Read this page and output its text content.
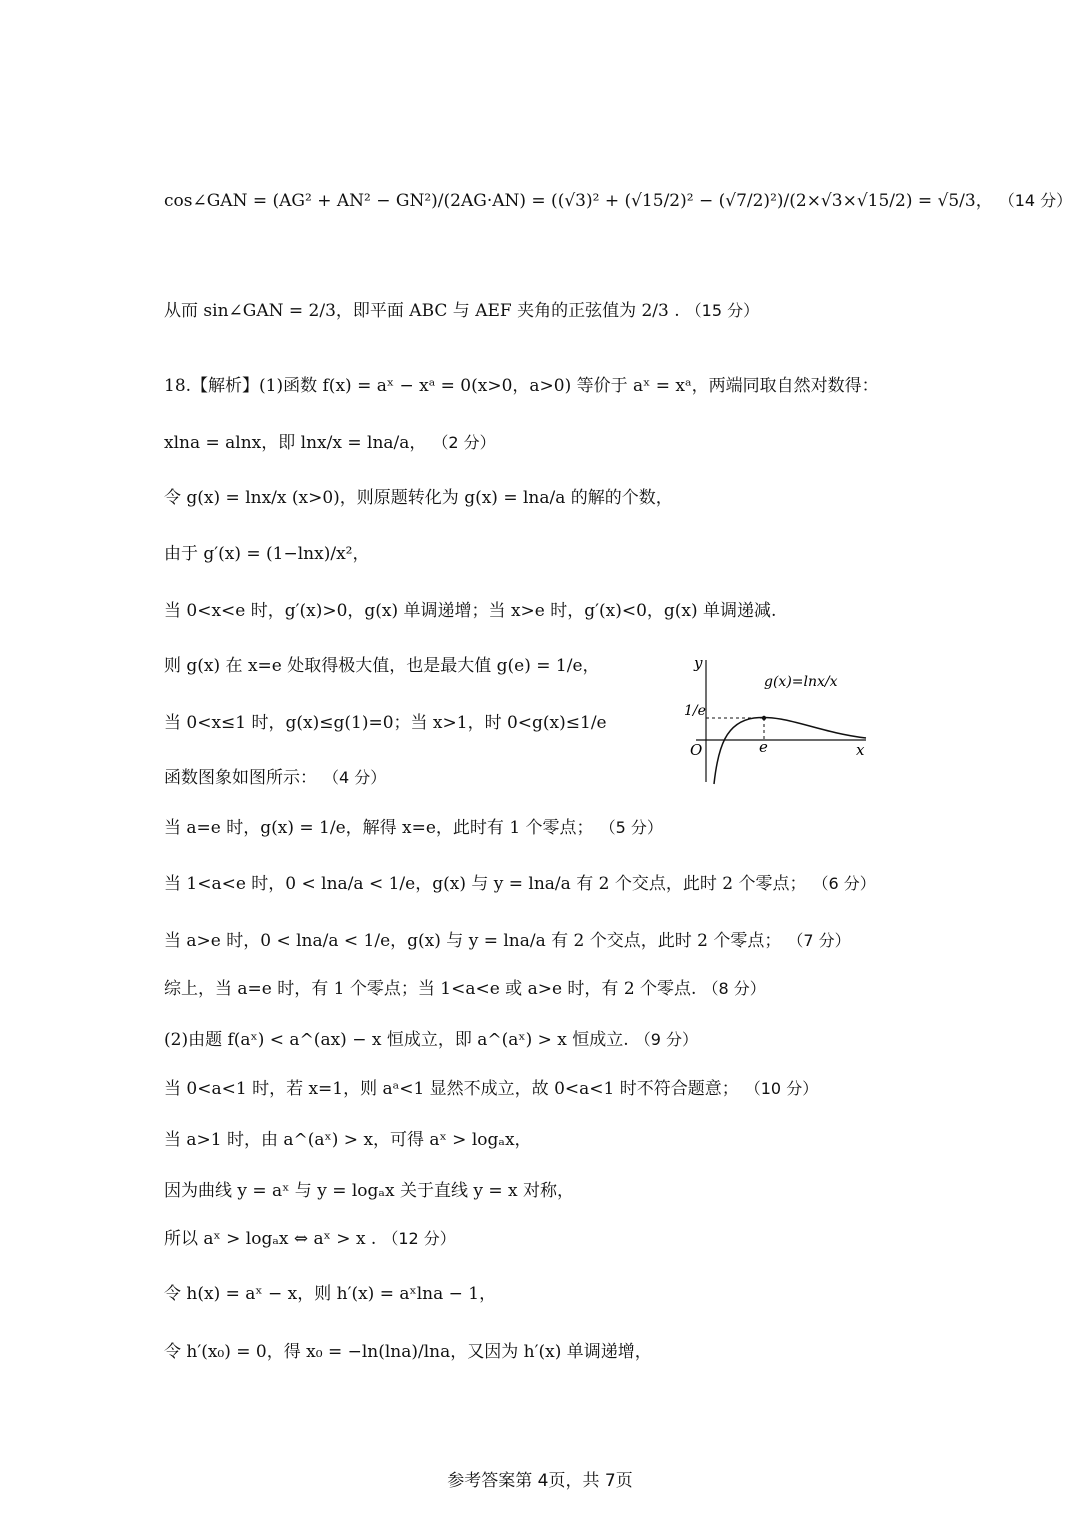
cos∠GAN = (AG² + AN² − GN²)/(2AG·AN) = ((√3)² + (√15/2)² − (√7/2)²)/(2×√3×√15/2) = √5/3， （14 分）
从而 sin∠GAN = 2/3，即平面 ABC 与 AEF 夹角的正弦值为 2/3 . （15 分）
18.【解析】(1)函数 f(x) = aˣ − xᵃ = 0(x>0，a>0) 等价于 aˣ = xᵃ，两端同取自然对数得：
xlna = alnx，即 lnx/x = lna/a， （2 分）
令 g(x) = lnx/x (x>0)，则原题转化为 g(x) = lna/a 的解的个数，
由于 g′(x) = (1−lnx)/x²，
当 0<x<e 时，g′(x)>0，g(x) 单调递增；当 x>e 时，g′(x)<0，g(x) 单调递减.
则 g(x) 在 x=e 处取得极大值，也是最大值 g(e) = 1/e，
当 0<x≤1 时，g(x)≤g(1)=0；当 x>1，时 0<g(x)≤1/e
函数图象如图所示： （4 分）
当 a=e 时，g(x) = 1/e，解得 x=e，此时有 1 个零点； （5 分）
当 1<a<e 时，0 < lna/a < 1/e，g(x) 与 y = lna/a 有 2 个交点，此时 2 个零点； （6 分）
当 a>e 时，0 < lna/a < 1/e，g(x) 与 y = lna/a 有 2 个交点，此时 2 个零点； （7 分）
综上，当 a=e 时，有 1 个零点；当 1<a<e 或 a>e 时，有 2 个零点. （8 分）
(2)由题 f(aˣ) < a^(ax) − x 恒成立，即 a^(aˣ) > x 恒成立. （9 分）
当 0<a<1 时，若 x=1，则 aᵃ<1 显然不成立，故 0<a<1 时不符合题意； （10 分）
当 a>1 时，由 a^(aˣ) > x，可得 aˣ > logₐx，
因为曲线 y = aˣ 与 y = logₐx 关于直线 y = x 对称，
所以 aˣ > logₐx ⇔ aˣ > x . （12 分）
令 h(x) = aˣ − x，则 h′(x) = aˣlna − 1，
令 h′(x₀) = 0，得 x₀ = −ln(lna)/lna，又因为 h′(x) 单调递增，
y
x
O	e
1/e
g(x)=lnx/x
参考答案第 4页，共 7页
